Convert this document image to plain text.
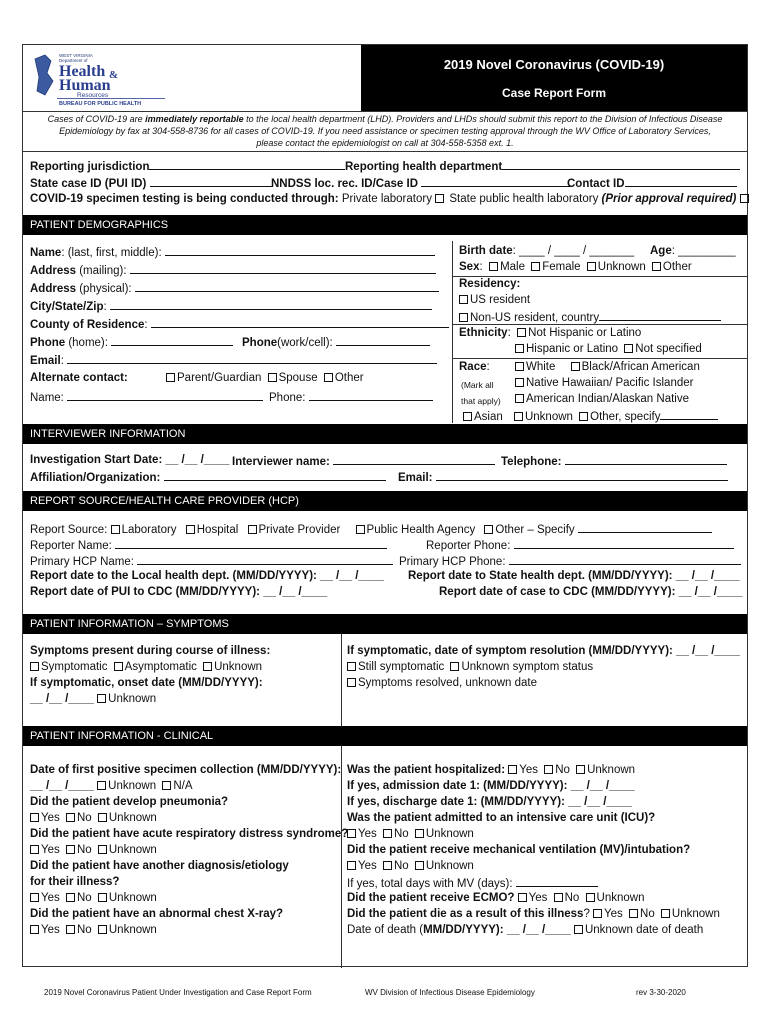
WEST VIRGINIA
Department of
Health &
Human
Resources
BUREAU FOR PUBLIC HEALTH
2019 Novel Coronavirus (COVID-19)
Case Report Form
Cases of COVID-19 are immediately reportable to the local health department (LHD). Providers and LHDs should submit this report to the Division of Infectious Disease
Epidemiology by fax at 304-558-8736 for all cases of COVID-19. If you need assistance or specimen testing approval through the WV Office of Laboratory Services,
please contact the epidemiologist on call at 304-558-5358 ext. 1.
Reporting jurisdiction	Reporting health department
State case ID (PUI ID)	NNDSS loc. rec. ID/Case ID	Contact ID
COVID-19 specimen testing is being conducted through: Private laboratory State public health laboratory (Prior approval required)
PATIENT DEMOGRAPHICS
Name: (last, first, middle):
Address (mailing):
Address (physical):
City/State/Zip:
County of Residence:
Phone (home):	Phone(work/cell):
Email:
Alternate contact:	Parent/Guardian Spouse Other
Name:	Phone:
Birth date: ____ / ____ / _______ Age: _________
Sex:  Male Female Unknown Other
Residency:
US resident
Non-US resident, country
Ethnicity:  Not Hispanic or Latino
Hispanic or Latino Not specified
Race:	White Black/African American
(Mark all	Native Hawaiian/ Pacific Islander
that apply)	American Indian/Alaskan Native
Asian Unknown Other, specify
INTERVIEWER INFORMATION
Investigation Start Date: __ /__ /____ Interviewer name:	Telephone:
Affiliation/Organization:	Email:
REPORT SOURCE/HEALTH CARE PROVIDER (HCP)
Report Source: Laboratory Hospital Private Provider Public Health Agency Other – Specify
Reporter Name:	Reporter Phone:
Primary HCP Name:	Primary HCP Phone:
Report date to the Local health dept. (MM/DD/YYYY): __ /__ /____ Report date to State health dept. (MM/DD/YYYY): __ /__ /____
Report date of PUI to CDC (MM/DD/YYYY): __ /__ /____	Report date of case to CDC (MM/DD/YYYY): __ /__ /____
PATIENT INFORMATION – SYMPTOMS
Symptoms present during course of illness:
Symptomatic Asymptomatic Unknown
If symptomatic, onset date (MM/DD/YYYY):
__ /__ /____ Unknown
If symptomatic, date of symptom resolution (MM/DD/YYYY): __ /__ /____
Still symptomatic Unknown symptom status
Symptoms resolved, unknown date
PATIENT INFORMATION - CLINICAL
Date of first positive specimen collection (MM/DD/YYYY):
__ /__ /____ Unknown N/A
Did the patient develop pneumonia?
Yes No Unknown
Did the patient have acute respiratory distress syndrome?
Yes No Unknown
Did the patient have another diagnosis/etiology
for their illness?
Yes No Unknown
Did the patient have an abnormal chest X-ray?
Yes No Unknown
Was the patient hospitalized: Yes No Unknown
If yes, admission date 1: (MM/DD/YYYY): __ /__ /____
If yes, discharge date 1: (MM/DD/YYYY): __ /__ /____
Was the patient admitted to an intensive care unit (ICU)?
Yes No Unknown
Did the patient receive mechanical ventilation (MV)/intubation?
Yes No Unknown
If yes, total days with MV (days):
Did the patient receive ECMO? Yes No Unknown
Did the patient die as a result of this illness? Yes No Unknown
Date of death (MM/DD/YYYY): __ /__ /____ Unknown date of death
2019 Novel Coronavirus Patient Under Investigation and Case Report Form	WV Division of Infectious Disease Epidemiology	rev 3-30-2020
